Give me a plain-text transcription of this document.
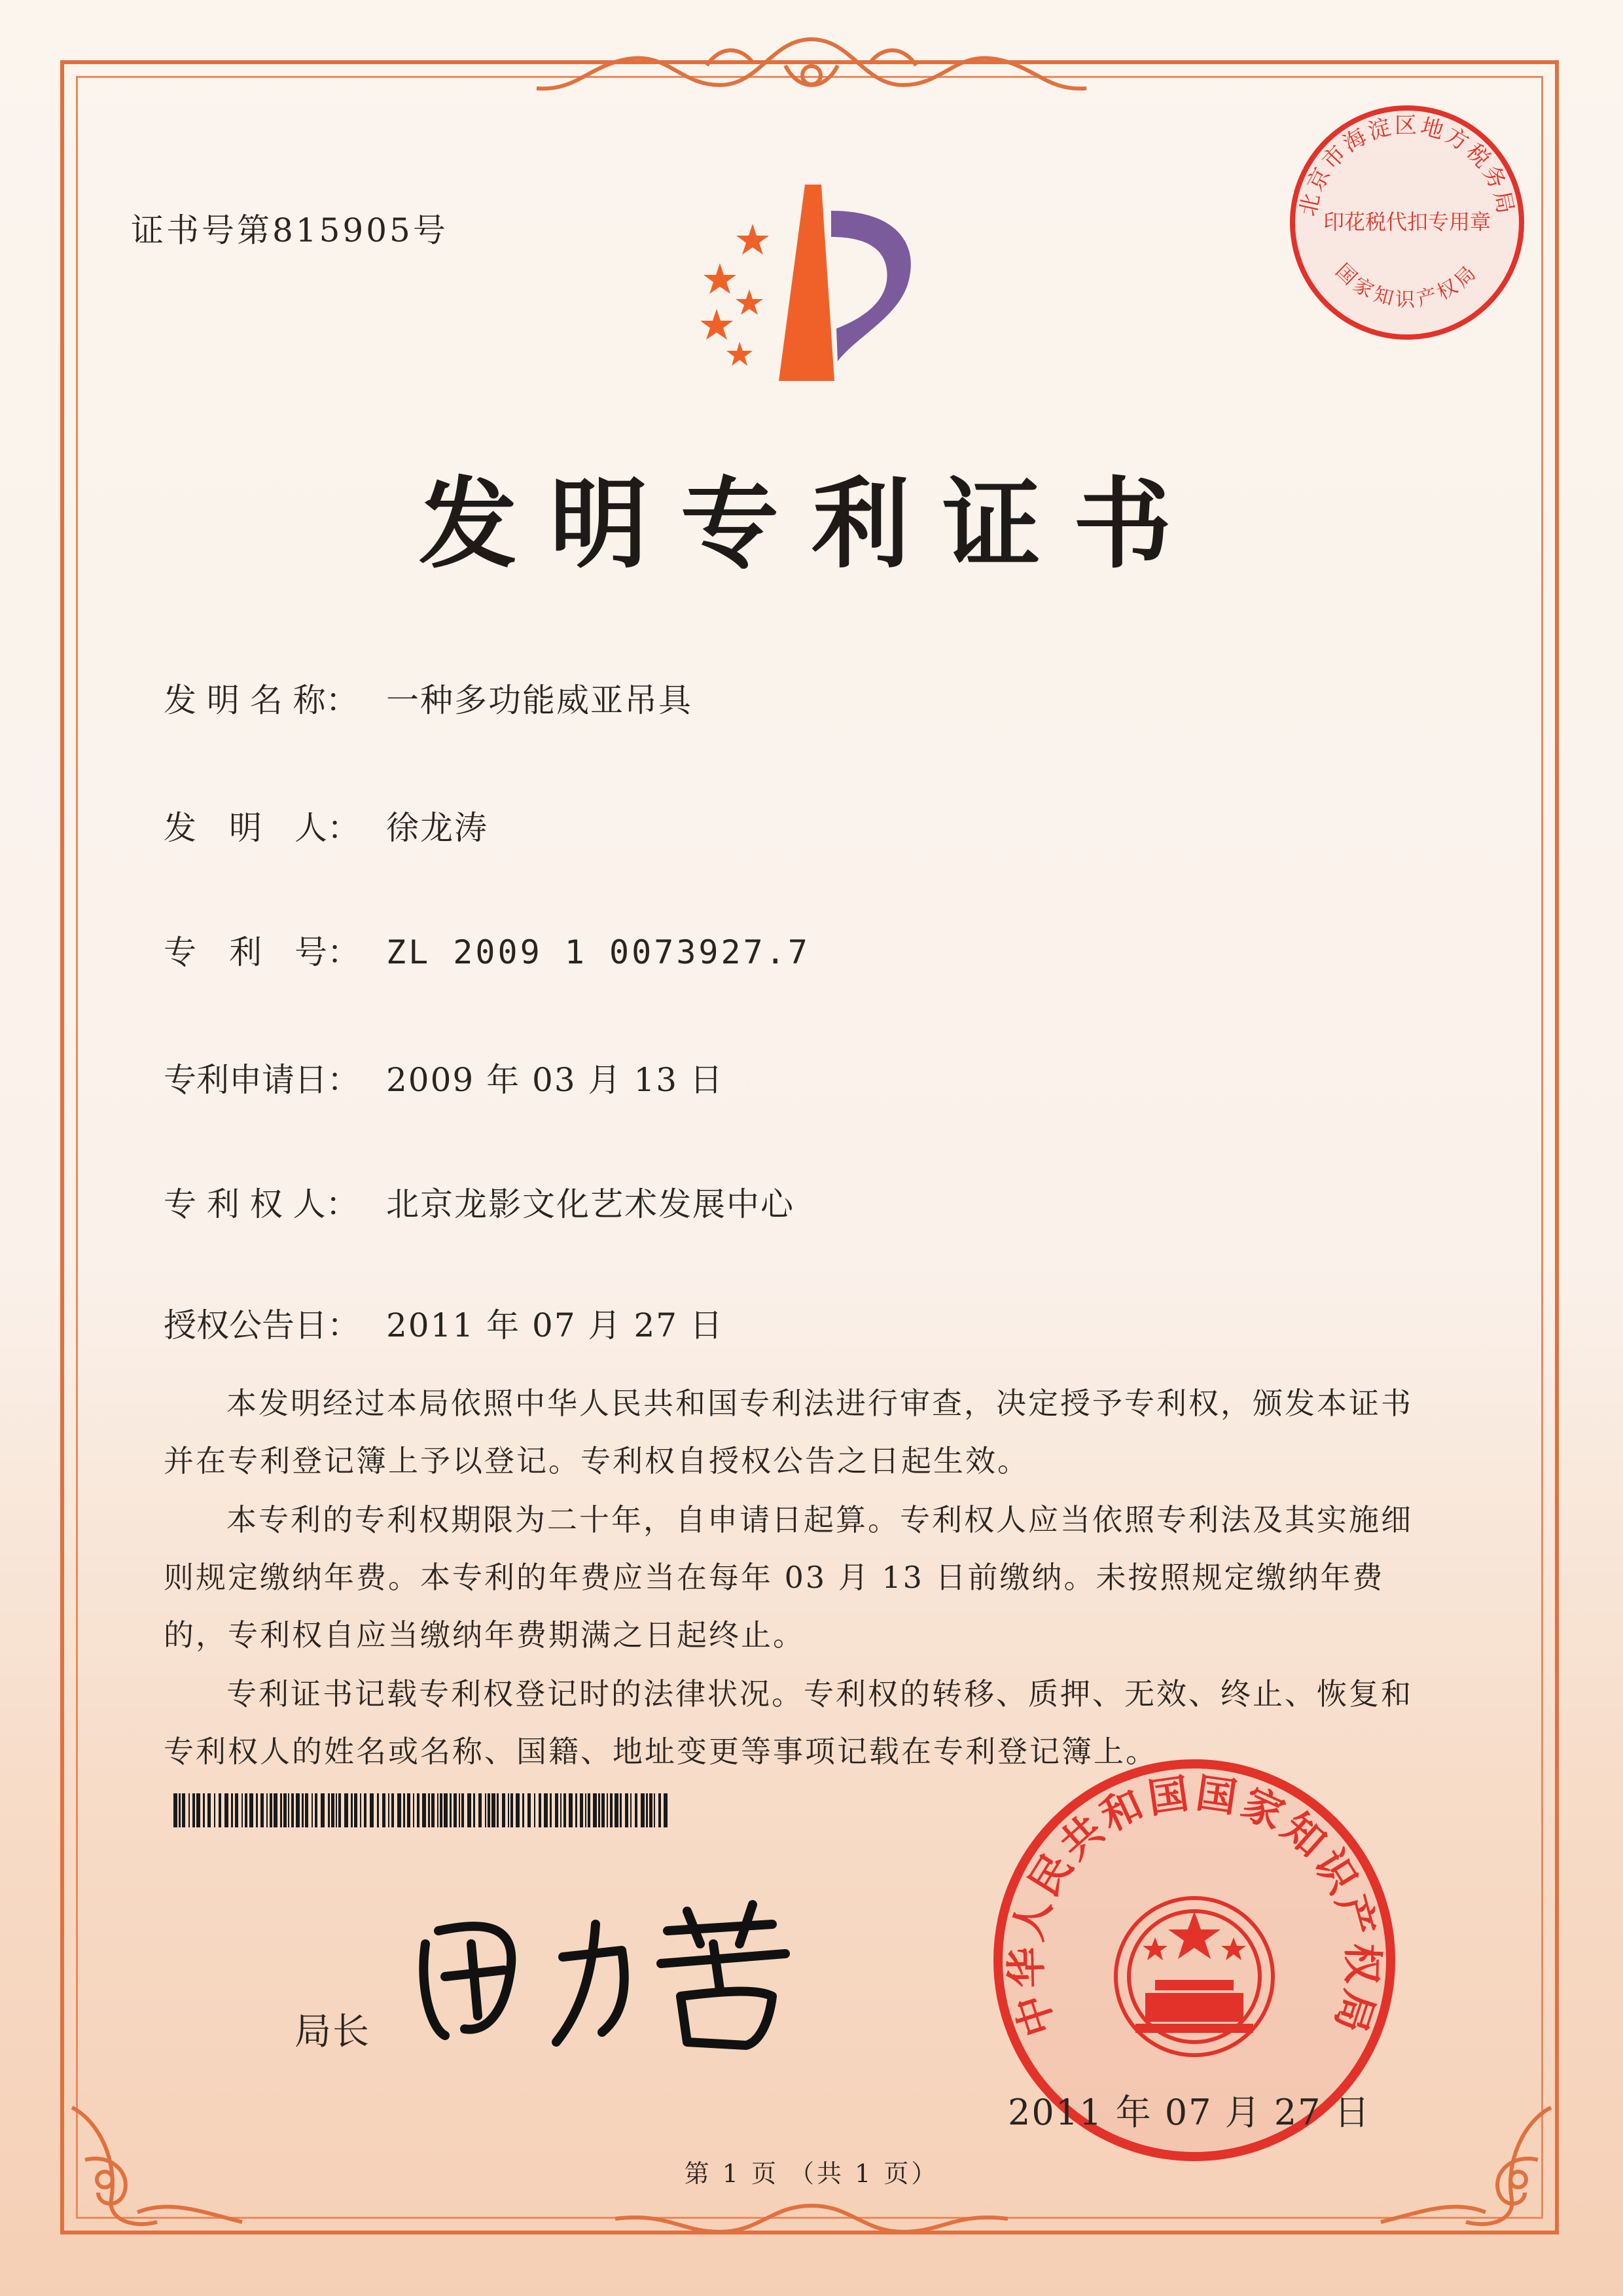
证书号第815905号
发明专利证书
发 明 名 称： 一种多功能威亚吊具
发　明　人： 徐龙涛
专　利　号： ZL 2009 1 0073927.7
专利申请日： 2009 年 03 月 13 日
专 利 权 人： 北京龙影文化艺术发展中心
授权公告日： 2011 年 07 月 27 日
本发明经过本局依照中华人民共和国专利法进行审查，决定授予专利权，颁发本证书并在专利登记簿上予以登记。专利权自授权公告之日起生效。
本专利的专利权期限为二十年，自申请日起算。专利权人应当依照专利法及其实施细则规定缴纳年费。本专利的年费应当在每年 03 月 13 日前缴纳。未按照规定缴纳年费的，专利权自应当缴纳年费期满之日起终止。
专利证书记载专利权登记时的法律状况。专利权的转移、质押、无效、终止、恢复和专利权人的姓名或名称、国籍、地址变更等事项记载在专利登记簿上。
局长	中华人民共和国国家知识产权局
2011 年 07 月 27 日
北京市海淀区地方税务局
国家知识产权局
印花税代扣专用章
第 1 页 （共 1 页）
